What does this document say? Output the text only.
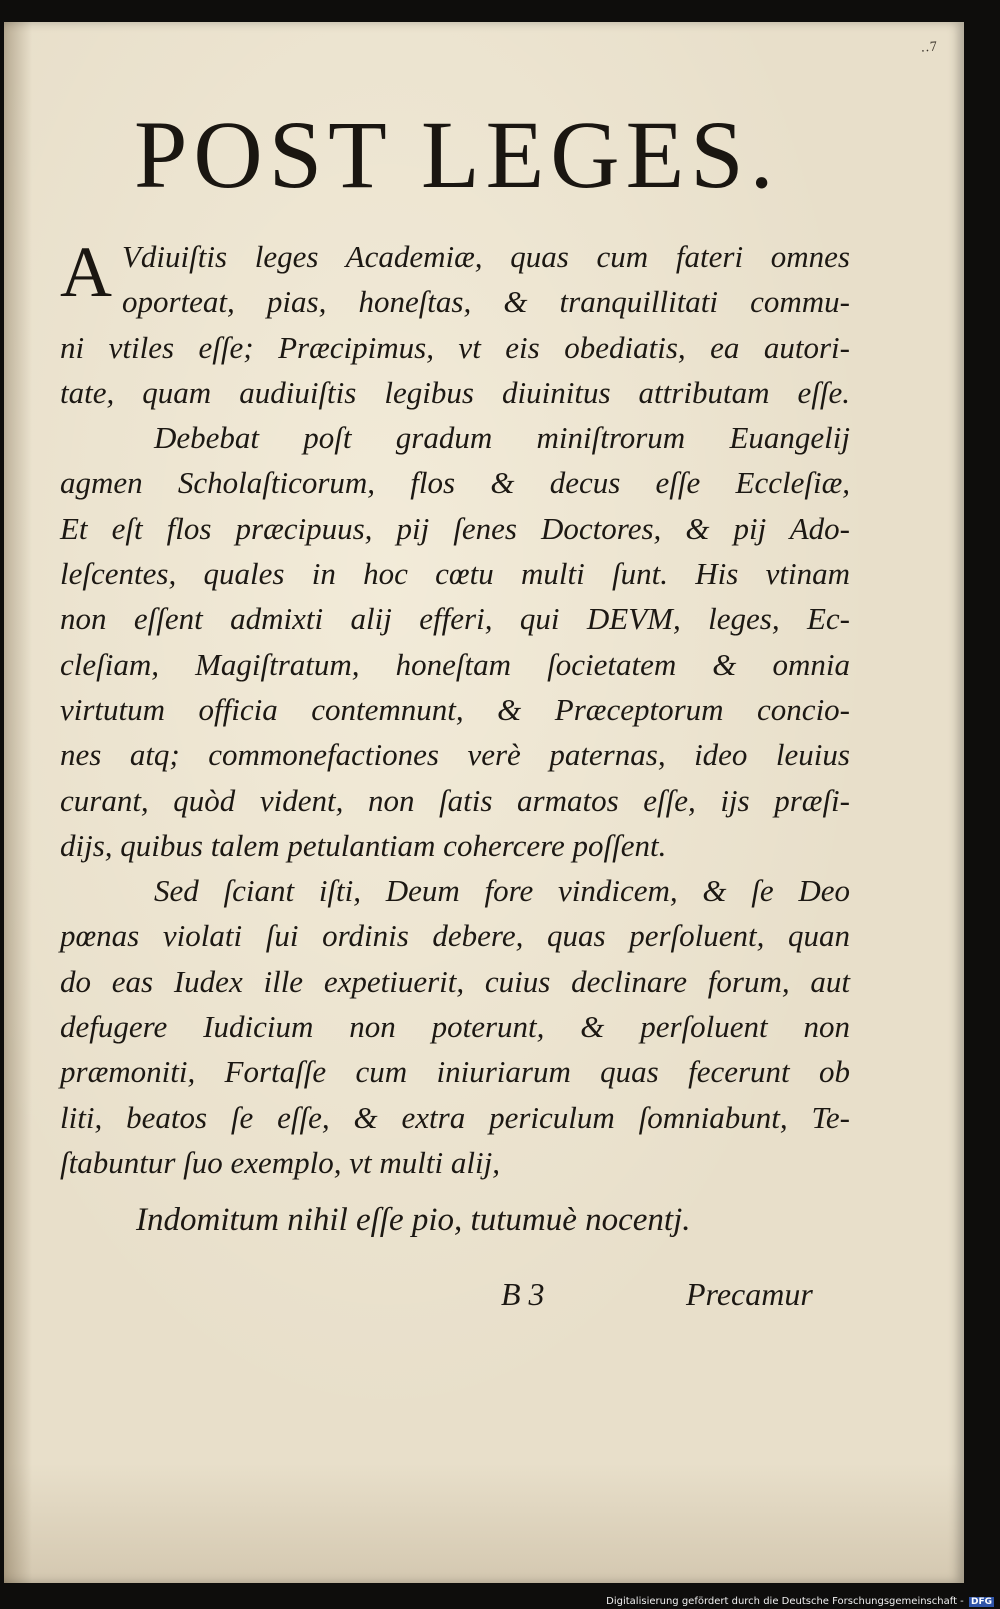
..7
POST LEGES.
A Vdiuiſtis leges Academiæ, quas cum fateri omnes
oporteat, pias, honeſtas, & tranquillitati commu-
ni vtiles eſſe; Præcipimus, vt eis obediatis, ea autori-
tate, quam audiuiſtis legibus diuinitus attributam eſſe.
Debebat poſt gradum miniſtrorum Euangelij
agmen Scholaſticorum, flos & decus eſſe Eccleſiæ,
Et eſt flos præcipuus, pij ſenes Doctores, & pij Ado-
leſcentes, quales in hoc cœtu multi ſunt. His vtinam
non eſſent admixti alij efferi, qui DEVM, leges, Ec-
cleſiam, Magiſtratum, honeſtam ſocietatem & omnia
virtutum officia contemnunt, & Præceptorum concio-
nes atq; commonefactiones verè paternas, ideo leuius
curant, quòd vident, non ſatis armatos eſſe, ijs præſi-
dijs, quibus talem petulantiam cohercere poſſent.
Sed ſciant iſti, Deum fore vindicem, & ſe Deo
pœnas violati ſui ordinis debere, quas perſoluent, quan
do eas Iudex ille expetiuerit, cuius declinare forum, aut
defugere Iudicium non poterunt, & perſoluent non
præmoniti, Fortaſſe cum iniuriarum quas fecerunt ob
liti, beatos ſe eſſe, & extra periculum ſomniabunt, Te-
ſtabuntur ſuo exemplo, vt multi alij,
Indomitum nihil eſſe pio, tutumuè nocentj.
B 3	Precamur
Digitalisierung gefördert durch die Deutsche Forschungsgemeinschaft - DFG
